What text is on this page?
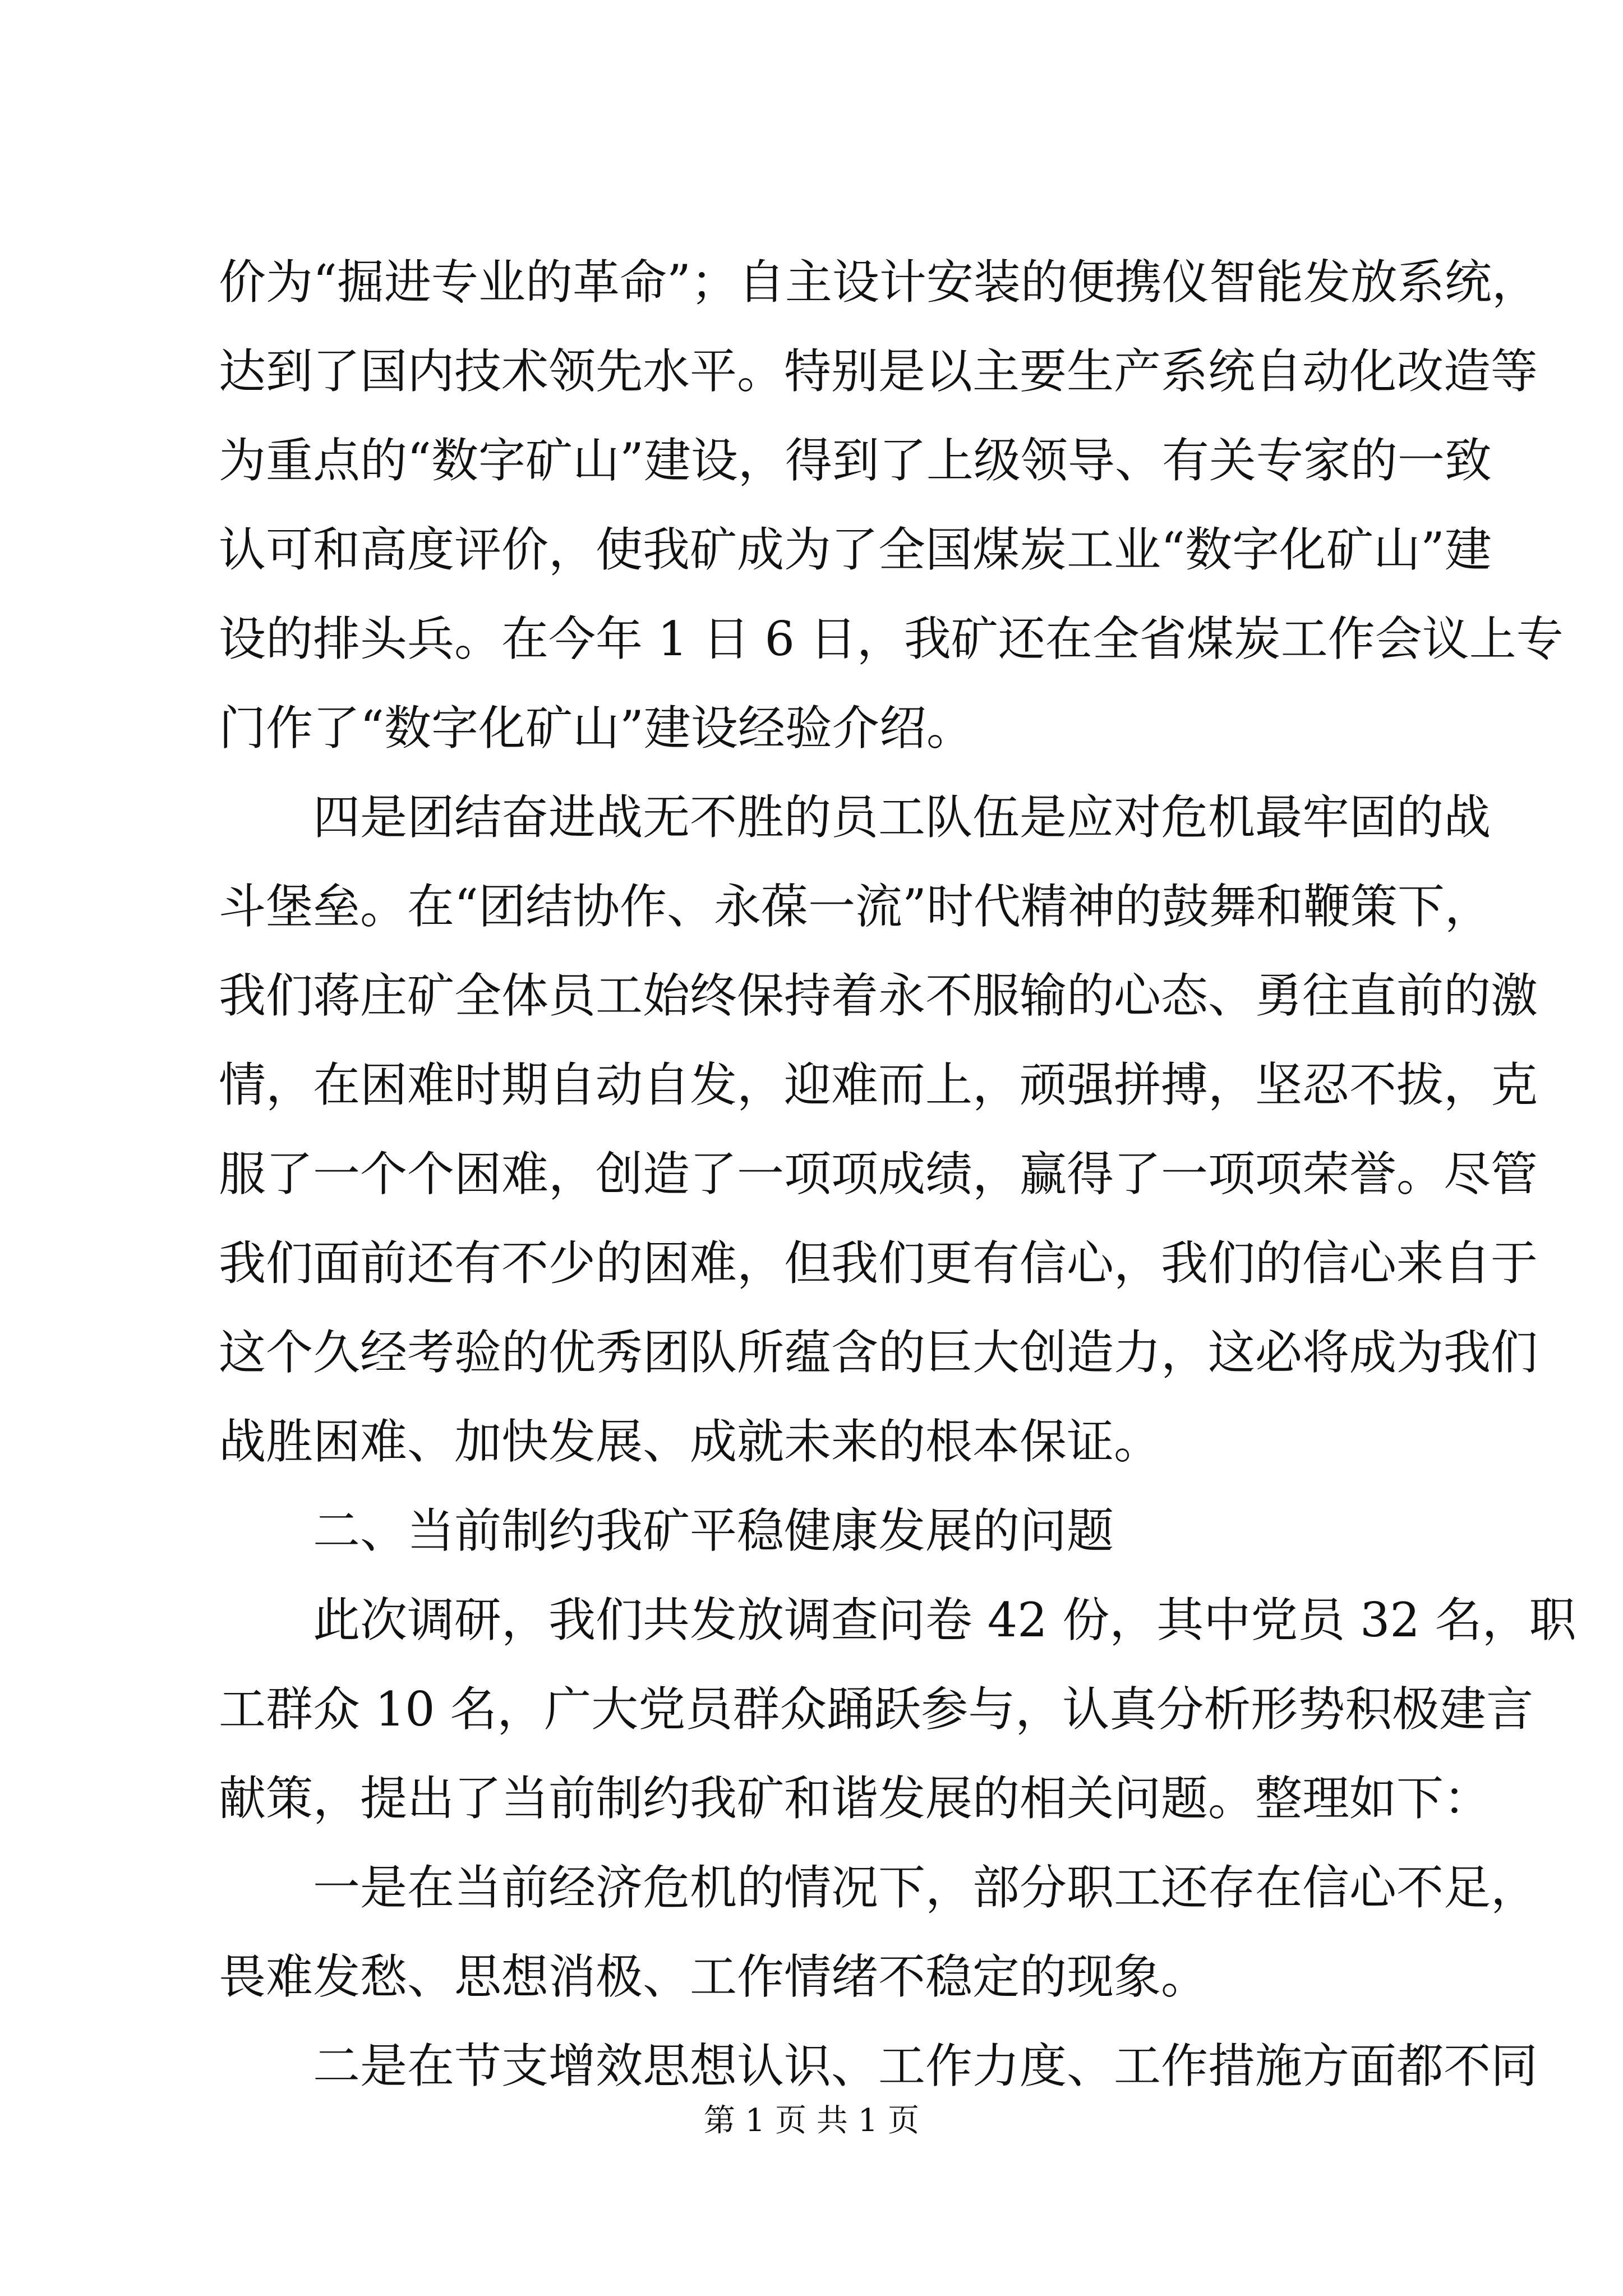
价为“掘进专业的革命”；自主设计安装的便携仪智能发放系统，
达到了国内技术领先水平。特别是以主要生产系统自动化改造等
为重点的“数字矿山”建设，得到了上级领导、有关专家的一致
认可和高度评价，使我矿成为了全国煤炭工业“数字化矿山”建
设的排头兵。在今年 1 日 6 日，我矿还在全省煤炭工作会议上专
门作了“数字化矿山”建设经验介绍。
四是团结奋进战无不胜的员工队伍是应对危机最牢固的战
斗堡垒。在“团结协作、永葆一流”时代精神的鼓舞和鞭策下，
我们蒋庄矿全体员工始终保持着永不服输的心态、勇往直前的激
情，在困难时期自动自发，迎难而上，顽强拼搏，坚忍不拔，克
服了一个个困难，创造了一项项成绩，赢得了一项项荣誉。尽管
我们面前还有不少的困难，但我们更有信心，我们的信心来自于
这个久经考验的优秀团队所蕴含的巨大创造力，这必将成为我们
战胜困难、加快发展、成就未来的根本保证。
二、当前制约我矿平稳健康发展的问题
此次调研，我们共发放调查问卷 42 份，其中党员 32 名，职
工群众 10 名，广大党员群众踊跃参与，认真分析形势积极建言
献策，提出了当前制约我矿和谐发展的相关问题。整理如下：
一是在当前经济危机的情况下，部分职工还存在信心不足，
畏难发愁、思想消极、工作情绪不稳定的现象。
二是在节支增效思想认识、工作力度、工作措施方面都不同
第 1 页 共 1 页
